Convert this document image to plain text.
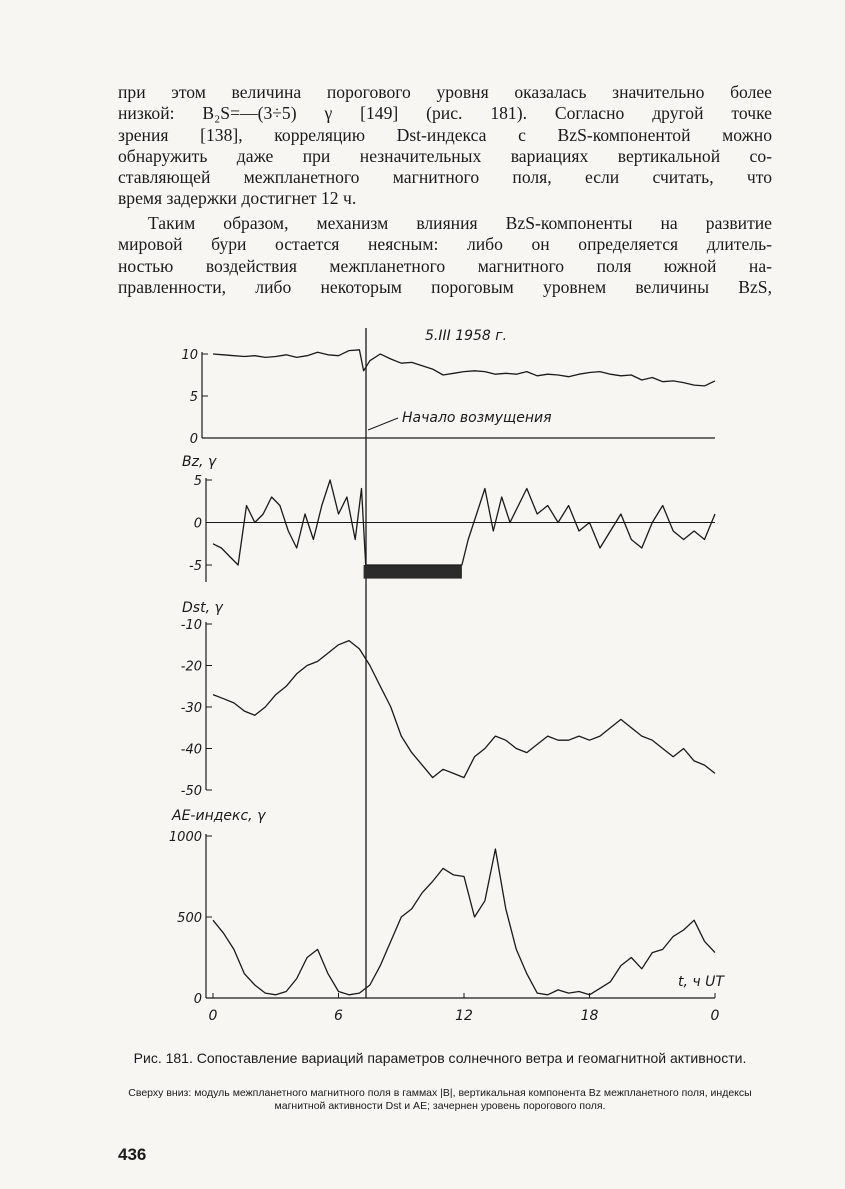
при этом величина порогового уровня оказалась значительно более
низкой: B₂S=—(3÷5) γ [149] (рис. 181). Согласно другой точке
зрения [138], корреляцию Dst-индекса с BzS-компонентой можно
обнаружить даже при незначительных вариациях вертикальной со-
ставляющей межпланетного магнитного поля, если считать, что
время задержки достигнет 12 ч.
Таким образом, механизм влияния BzS-компоненты на развитие
мировой бури остается неясным: либо он определяется длитель-
ностью воздействия межпланетного магнитного поля южной на-
правленности, либо некоторым пороговым уровнем величины BzS,
5.III 1958 г.
Начало возмущения
t, ч UT
10
5
0
Bz, γ
5
0
-5
Dst, γ
-10
-20
-30
-40
-50
AE-индекс, γ
1000
500
0
0	6	12	18	0
Рис. 181. Сопоставление вариаций параметров солнечного ветра и геомагнитной активности.
Сверху вниз: модуль межпланетного магнитного поля в гаммах |B|, вертикальная компонента Bz межпланетного поля, индексы магнитной активности Dst и AE; зачернен уровень порогового поля.
436
